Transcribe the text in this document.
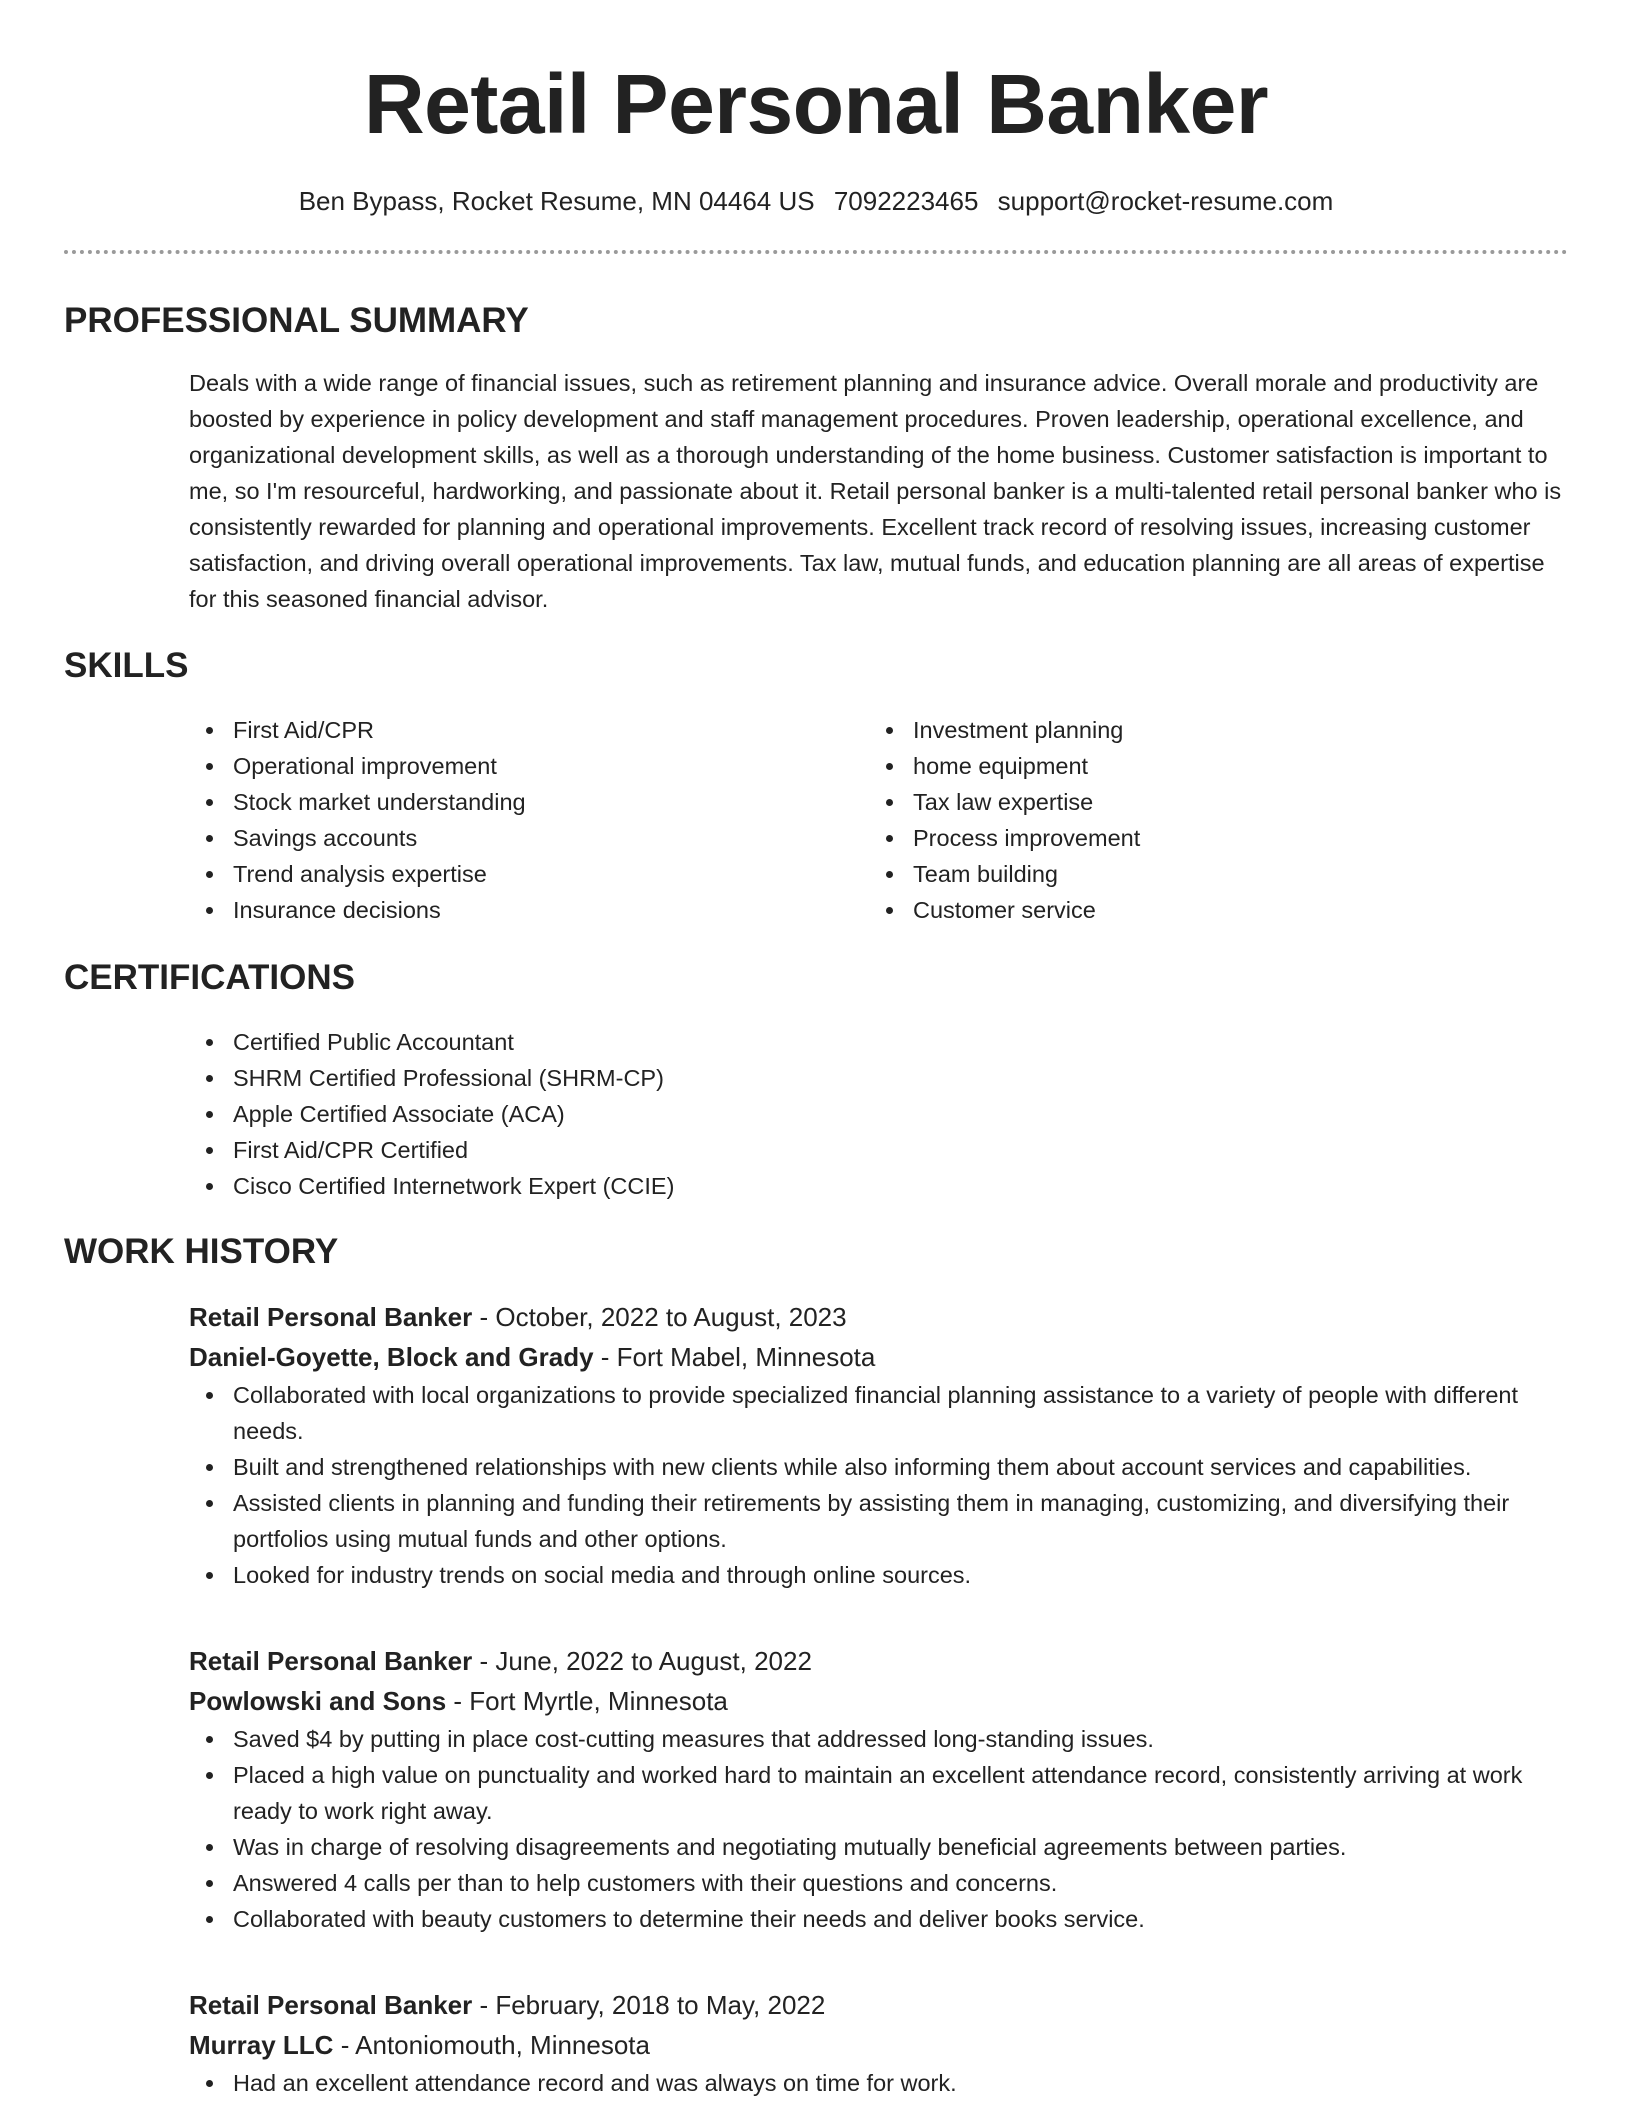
Retail Personal Banker
Ben Bypass, Rocket Resume, MN 04464 US 7092223465 support@rocket-resume.com
PROFESSIONAL SUMMARY

Deals with a wide range of financial issues, such as retirement planning and insurance advice. Overall morale and productivity are boosted by experience in policy development and staff management procedures. Proven leadership, operational excellence, and organizational development skills, as well as a thorough understanding of the home business. Customer satisfaction is important to me, so I'm resourceful, hardworking, and passionate about it. Retail personal banker is a multi-talented retail personal banker who is consistently rewarded for planning and operational improvements. Excellent track record of resolving issues, increasing customer satisfaction, and driving overall operational improvements. Tax law, mutual funds, and education planning are all areas of expertise for this seasoned financial advisor.

SKILLS
First Aid/CPR
Operational improvement
Stock market understanding
Savings accounts
Trend analysis expertise
Insurance decisions
Investment planning
home equipment
Tax law expertise
Process improvement
Team building
Customer service
CERTIFICATIONS
Certified Public Accountant
SHRM Certified Professional (SHRM-CP)
Apple Certified Associate (ACA)
First Aid/CPR Certified
Cisco Certified Internetwork Expert (CCIE)
WORK HISTORY
Retail Personal Banker - October, 2022 to August, 2023
Daniel-Goyette, Block and Grady - Fort Mabel, Minnesota
Collaborated with local organizations to provide specialized financial planning assistance to a variety of people with different needs.
Built and strengthened relationships with new clients while also informing them about account services and capabilities.
Assisted clients in planning and funding their retirements by assisting them in managing, customizing, and diversifying their portfolios using mutual funds and other options.
Looked for industry trends on social media and through online sources.
Retail Personal Banker - June, 2022 to August, 2022
Powlowski and Sons - Fort Myrtle, Minnesota
Saved $4 by putting in place cost-cutting measures that addressed long-standing issues.
Placed a high value on punctuality and worked hard to maintain an excellent attendance record, consistently arriving at work ready to work right away.
Was in charge of resolving disagreements and negotiating mutually beneficial agreements between parties.
Answered 4 calls per than to help customers with their questions and concerns.
Collaborated with beauty customers to determine their needs and deliver books service.
Retail Personal Banker - February, 2018 to May, 2022
Murray LLC - Antoniomouth, Minnesota
Had an excellent attendance record and was always on time for work.
